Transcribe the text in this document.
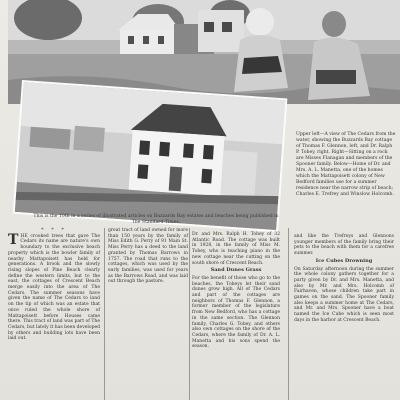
Upper left—A view of The Cedars from the water, showing the Buzzards Bay cottage of Thomas F. Glennon, left, and Dr. Ralph P. Tobey, right. Right—Sitting on a rock are Misses Flanagan and members of the Spooner family. Below—Home of Dr. and Mrs. A. L. Manetta, one of the homes which the Mattapoisett colony of New Bedford families use for a summer residence near the narrow strip of beach; Charles E. Trefrey and Winslow Holcomb.
This is the 10th in a series of illustrated articles on Buzzards Bay estates and beaches being published in The Standard-Times.
* * *
T HE crooked trees that gave The Cedars its name are nature's own boundary to the exclusive beach property which is the bowler family of nearby Mattapoisett has held for generations. A brook and the slowly rising slopes of Pine Beach clearly define the western limits, but to the east, the cottages of Crescent Beach merge easily into the area of The Cedars. The summer seasons have given the name of The Cedars to land on the tip of which was an estate that once ruled the whole shore of Mattapoisett before Houses came there. This tract of land was part of The Cedars, but lately it has been developed by others and building lots have been laid out.
great tract of land owned for more than 150 years by the family of Miss Edith G. Perry of 91 Main St. Miss Perry has a deed to the land granted by Thomas Barrows in 1757. The road that runs to the cottages, which was used by the early families, was used for years as the Barrows Road, and was laid out through the pasture.
Dr. and Mrs. Ralph H. Tobey of 32 Atlantic Road. The cottage was built in 1928, in the family of Miss M. Tobey, who is teaching piano in the new cottage near the cutting on the south shore of Crescent Beach.
Sand Dunes Grass
For the benefit of those who go to the beaches, the Tobeys let their sand dunes grow high. All of The Cedars and part of the cottages are neighbors of Thomas F. Glennon, a former member of the legislature from New Bedford, who has a cottage in the same section. The Glennon family, Charles G. Tobey, and others also own cottages on the shore of the Cedars, where the family of Dr. A. L. Manetta and his sons spend the season.
and like the Trefreys and Glennons younger members of the family bring their pets to the beach with them for a carefree summer.
Ice Cubes Drowning
On Saturday afternoon during the summer the whole colony gathers together for a party given by Dr. and Mrs. Manetta, and also by Mr. and Mrs. Holcomb of Fairhaven, whose children take part in games on the sand. The Spooner family also keeps a summer home at The Cedars, and Mr. and Mrs. Spooner have a boat named the Ice Cube which is seen most days in the harbor at Crescent Beach.
